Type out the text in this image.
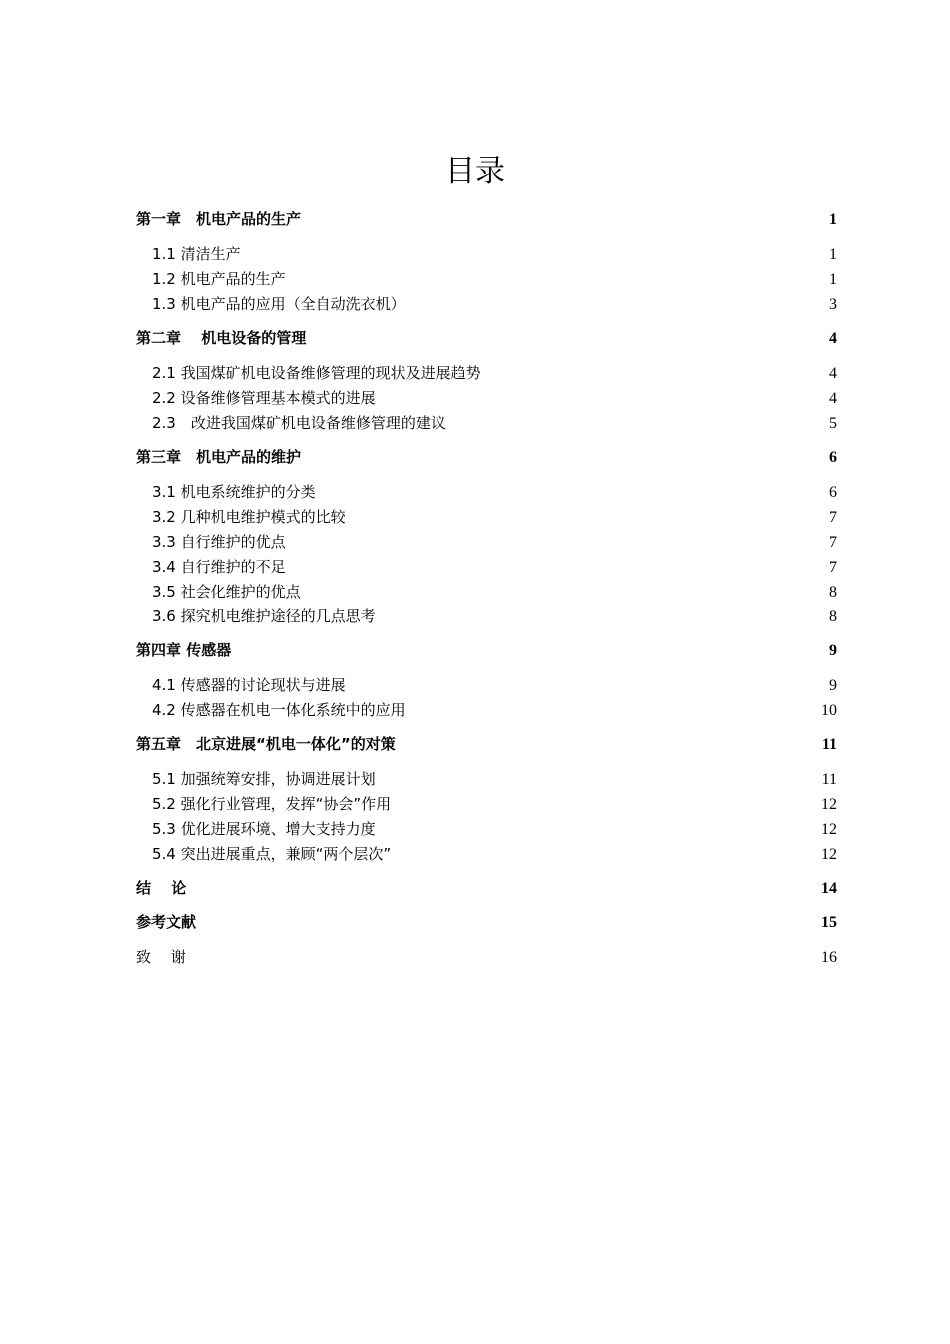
目录
第一章　机电产品的生产	1
1.1 清洁生产	1
1.2 机电产品的生产	1
1.3 机电产品的应用（全自动洗衣机）	3
第二章　 机电设备的管理	4
2.1 我国煤矿机电设备维修管理的现状及进展趋势	4
2.2 设备维修管理基本模式的进展	4
2.3　改进我国煤矿机电设备维修管理的建议	5
第三章　机电产品的维护	6
3.1 机电系统维护的分类	6
3.2 几种机电维护模式的比较	7
3.3 自行维护的优点	7
3.4 自行维护的不足	7
3.5 社会化维护的优点	8
3.6 探究机电维护途径的几点思考	8
第四章 传感器	9
4.1 传感器的讨论现状与进展	9
4.2 传感器在机电一体化系统中的应用	10
第五章　北京进展“机电一体化”的对策	11
5.1 加强统筹安排，协调进展计划	11
5.2 强化行业管理，发挥“协会”作用	12
5.3 优化进展环境、增大支持力度	12
5.4 突出进展重点，兼顾“两个层次”	12
结　 论	14
参考文献	15
致　 谢	16
